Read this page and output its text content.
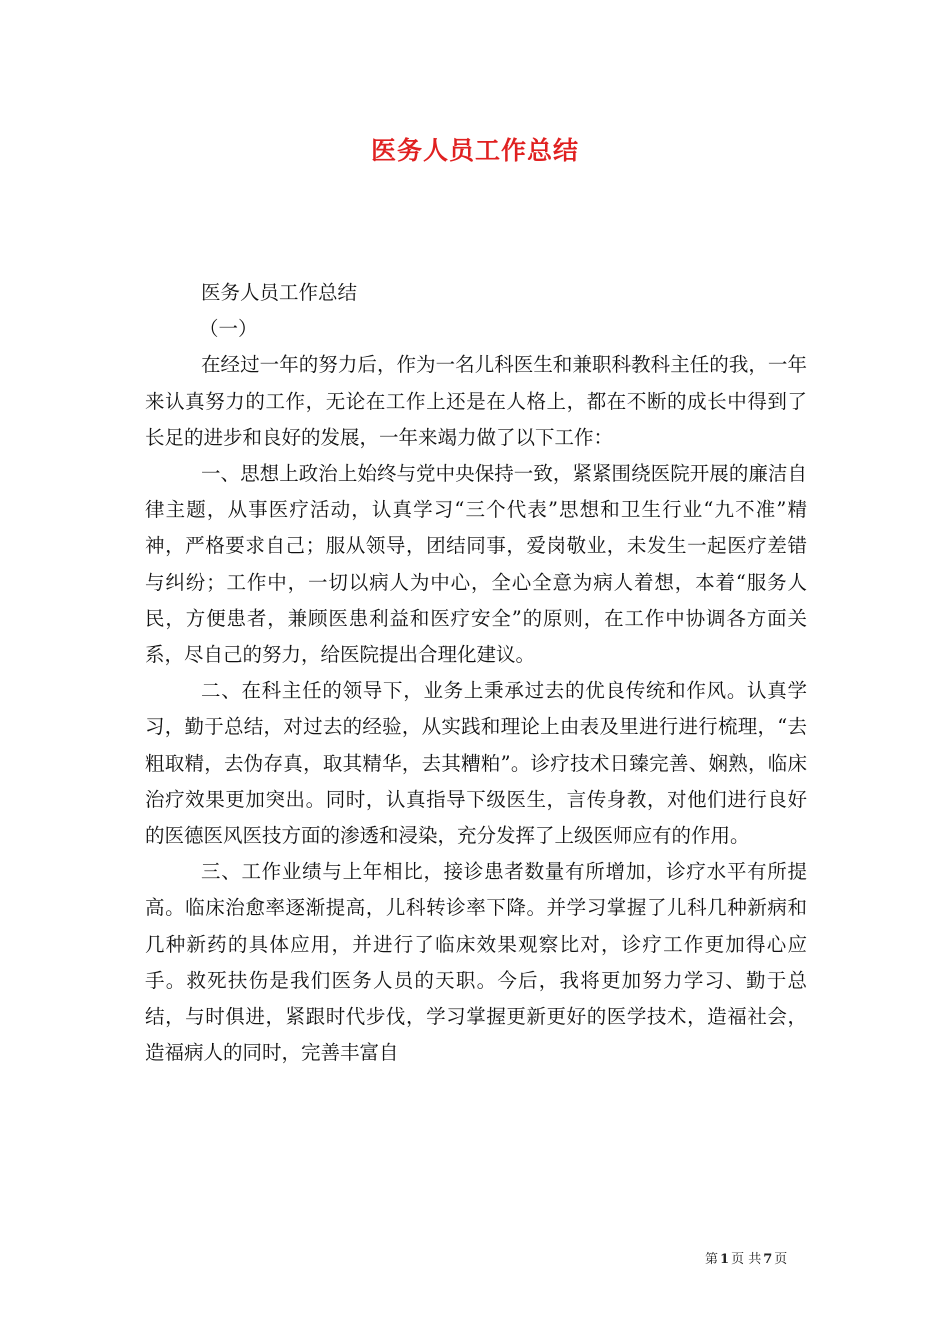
医务人员工作总结

医务人员工作总结

（一）

在经过一年的努力后，作为一名儿科医生和兼职科教科主任的我，一年来认真努力的工作，无论在工作上还是在人格上，都在不断的成长中得到了长足的进步和良好的发展，一年来竭力做了以下工作：

一、思想上政治上始终与党中央保持一致，紧紧围绕医院开展的廉洁自律主题，从事医疗活动，认真学习“三个代表”思想和卫生行业“九不准”精神，严格要求自己；服从领导，团结同事，爱岗敬业，未发生一起医疗差错与纠纷；工作中，一切以病人为中心，全心全意为病人着想，本着“服务人民，方便患者，兼顾医患利益和医疗安全”的原则，在工作中协调各方面关系，尽自己的努力，给医院提出合理化建议。

二、在科主任的领导下，业务上秉承过去的优良传统和作风。认真学习，勤于总结，对过去的经验，从实践和理论上由表及里进行进行梳理，“去粗取精，去伪存真，取其精华，去其糟粕”。诊疗技术日臻完善、娴熟，临床治疗效果更加突出。同时，认真指导下级医生，言传身教，对他们进行良好的医德医风医技方面的渗透和浸染，充分发挥了上级医师应有的作用。

三、工作业绩与上年相比，接诊患者数量有所增加，诊疗水平有所提高。临床治愈率逐渐提高，儿科转诊率下降。并学习掌握了儿科几种新病和几种新药的具体应用，并进行了临床效果观察比对，诊疗工作更加得心应手。救死扶伤是我们医务人员的天职。今后，我将更加努力学习、勤于总结，与时俱进，紧跟时代步伐，学习掌握更新更好的医学技术，造福社会，造福病人的同时，完善丰富自

第 1 页 共 7 页
